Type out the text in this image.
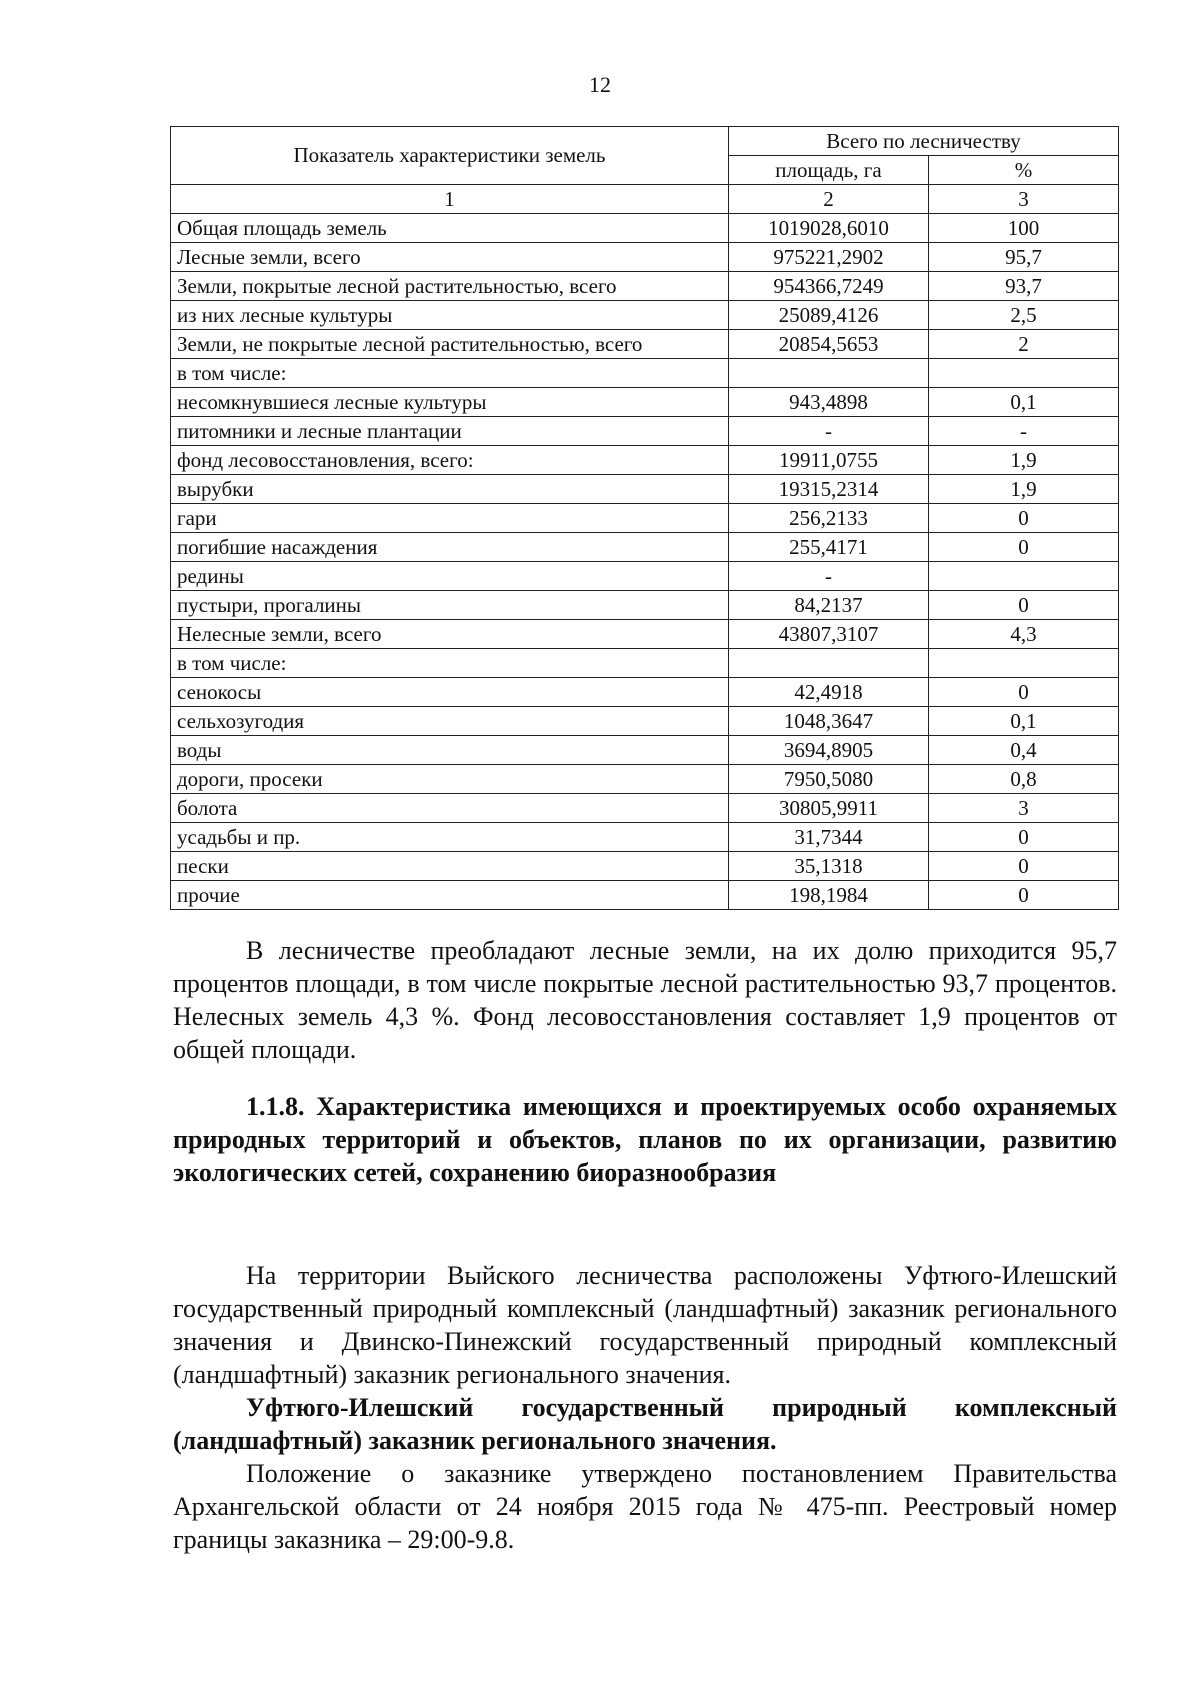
12
Показатель характеристики земель	Всего по лесничеству	
	площадь, га	%
1	2	3
Общая площадь земель	1019028,6010	100
Лесные земли, всего	975221,2902	95,7
Земли, покрытые лесной растительностью, всего	954366,7249	93,7
из них лесные культуры	25089,4126	2,5
Земли, не покрытые лесной растительностью, всего	20854,5653	2
в том числе:		
несомкнувшиеся лесные культуры	943,4898	0,1
питомники и лесные плантации	-	-
фонд лесовосстановления, всего:	19911,0755	1,9
вырубки	19315,2314	1,9
гари	256,2133	0
погибшие насаждения	255,4171	0
редины	-	
пустыри, прогалины	84,2137	0
Нелесные земли, всего	43807,3107	4,3
в том числе:		
сенокосы	42,4918	0
сельхозугодия	1048,3647	0,1
воды	3694,8905	0,4
дороги, просеки	7950,5080	0,8
болота	30805,9911	3
усадьбы и пр.	31,7344	0
пески	35,1318	0
прочие	198,1984	0

В лесничестве преобладают лесные земли, на их долю приходится 95,7 процентов площади, в том числе покрытые лесной растительностью 93,7 процентов. Нелесных земель 4,3 %. Фонд лесовосстановления составляет 1,9 процентов от общей площади.

1.1.8. Характеристика имеющихся и проектируемых особо охраняемых природных территорий и объектов, планов по их организации, развитию экологических сетей, сохранению биоразнообразия

На территории Выйского лесничества расположены Уфтюго-Илешский государственный природный комплексный (ландшафтный) заказник регионального значения и Двинско-Пинежский государственный природный комплексный (ландшафтный) заказник регионального значения.

Уфтюго-Илешский государственный природный комплексный (ландшафтный) заказник регионального значения.

Положение о заказнике утверждено постановлением Правительства Архангельской области от 24 ноября 2015 года № 475-пп. Реестровый номер границы заказника – 29:00-9.8.
